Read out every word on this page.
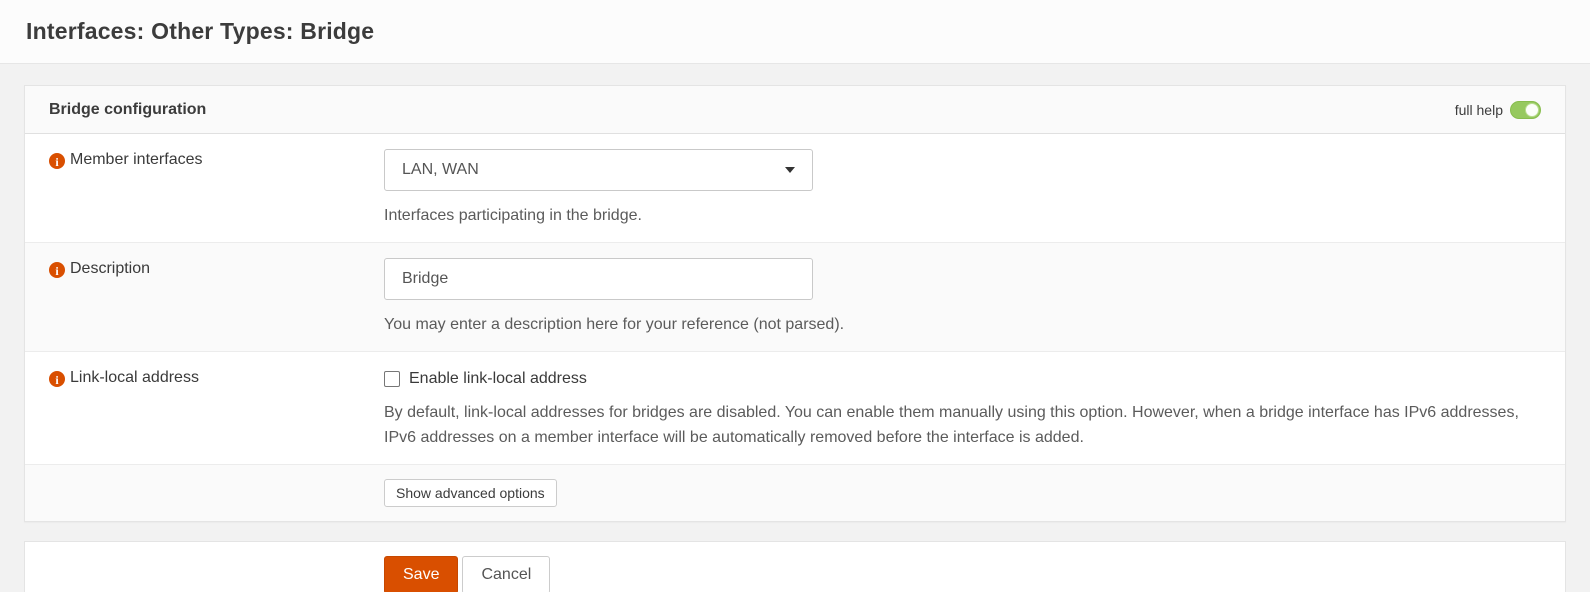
Interfaces: Other Types: Bridge
Bridge configuration	full help
iMember interfaces
LAN, WAN
Interfaces participating in the bridge.
iDescription
Bridge
You may enter a description here for your reference (not parsed).
iLink-local address	Enable link-local address
By default, link-local addresses for bridges are disabled. You can enable them manually using this option. However, when a bridge interface has IPv6 addresses, IPv6 addresses on a member interface will be automatically removed before the interface is added.
Show advanced options
Save	Cancel
